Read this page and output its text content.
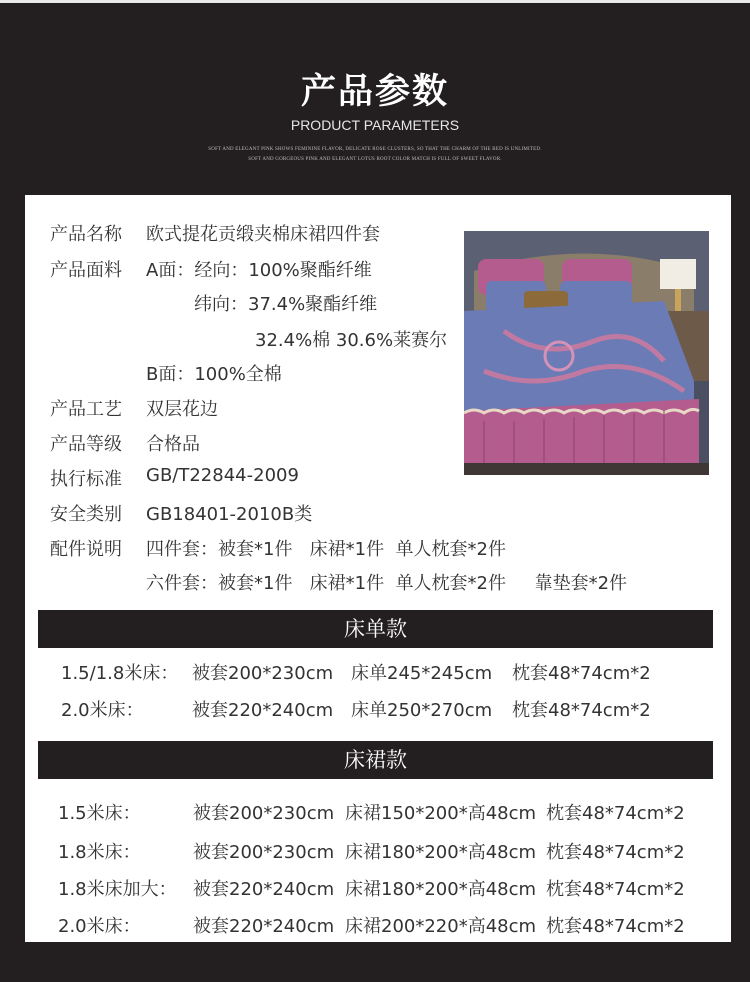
产品参数
PRODUCT PARAMETERS
SOFT AND ELEGANT PINK SHOWS FEMININE FLAVOR, DELICATE ROSE CLUSTERS, SO THAT THE CHARM OF THE BED IS UNLIMITED.
SOFT AND GORGEOUS PINK AND ELEGANT LOTUS ROOT COLOR MATCH IS FULL OF SWEET FLAVOR.
产品名称 欧式提花贡缎夹棉床裙四件套
产品面料 A面：经向：100%聚酯纤维
纬向：37.4%聚酯纤维
32.4%棉 30.6%莱赛尔
B面：100%全棉
产品工艺 双层花边
产品等级 合格品
执行标准 GB/T22844-2009
安全类别 GB18401-2010B类
配件说明 四件套：被套*1件   床裙*1件  单人枕套*2件
六件套：被套*1件   床裙*1件  单人枕套*2件     靠垫套*2件
床单款
1.5/1.8米床： 被套200*230cm 床单245*245cm 枕套48*74cm*2
2.0米床：	被套220*240cm 床单250*270cm 枕套48*74cm*2
床裙款
1.5米床：	被套200*230cm 床裙150*200*高48cm 枕套48*74cm*2
1.8米床：	被套200*230cm 床裙180*200*高48cm 枕套48*74cm*2
1.8米床加大： 被套220*240cm 床裙180*200*高48cm 枕套48*74cm*2
2.0米床：	被套220*240cm 床裙200*220*高48cm 枕套48*74cm*2
